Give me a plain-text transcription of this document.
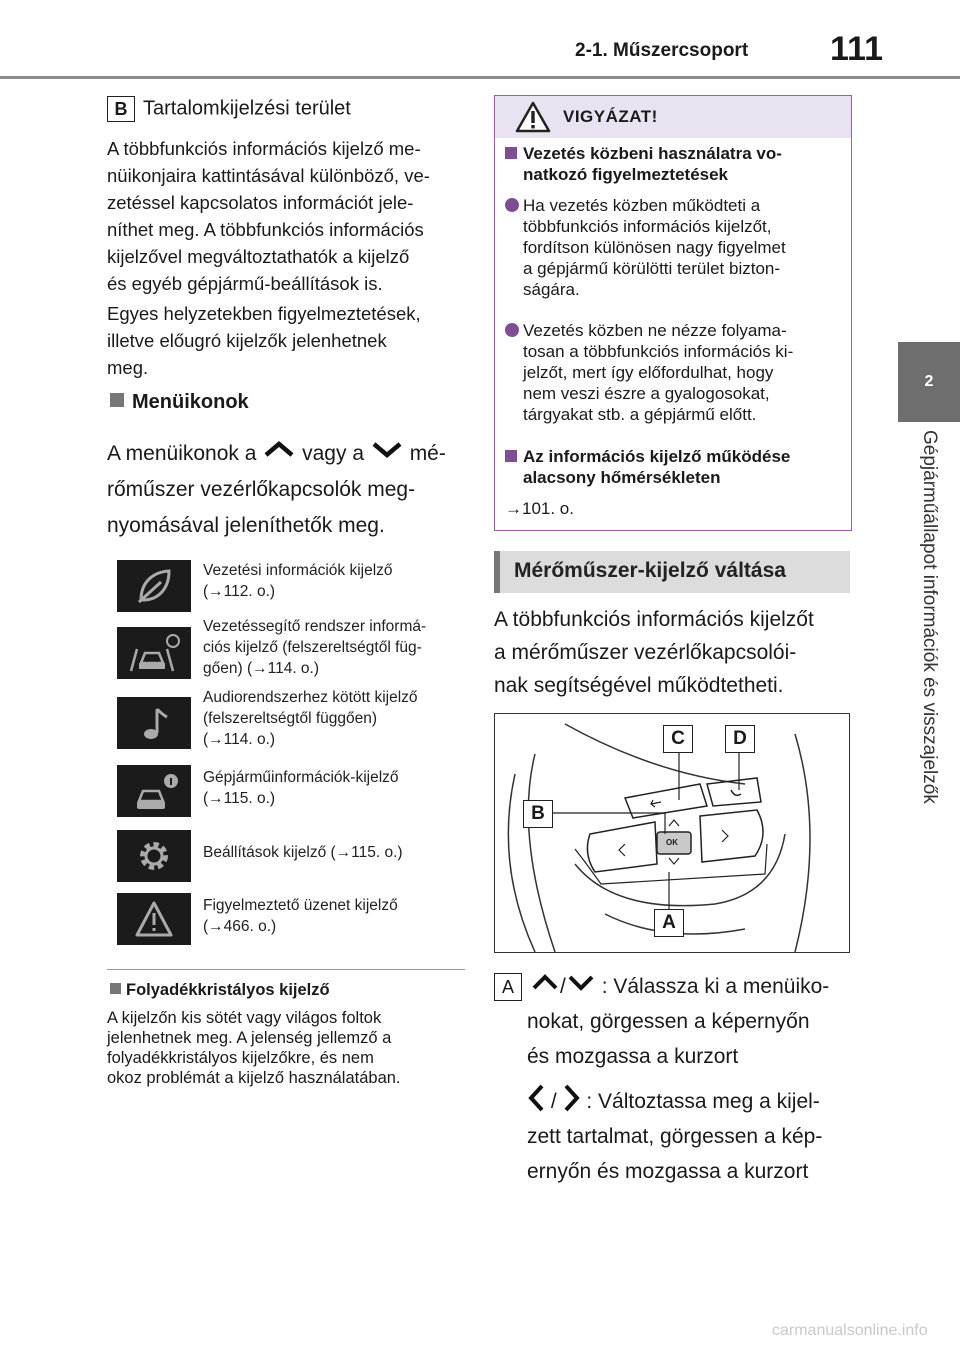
2-1. Műszercsoport 111
2
Gépjárműállapot információk és visszajelzők
B Tartalomkijelzési terület
A többfunkciós információs kijelző me-
nüikonjaira kattintásával különböző, ve-
zetéssel kapcsolatos információt jele-
níthet meg. A többfunkciós információs
kijelzővel megváltoztathatók a kijelző
és egyéb gépjármű-beállítások is.
Egyes helyzetekben figyelmeztetések,
illetve előugró kijelzők jelenhetnek
meg.
Menüikonok
A menüikonok a vagy a mé-
rőműszer vezérlőkapcsolók meg-
nyomásával jeleníthetők meg.
Vezetési információk kijelző
(→112. o.)
Vezetéssegítő rendszer informá-
ciós kijelző (felszereltségtől füg-
gően) (→114. o.)
Audiorendszerhez kötött kijelző
(felszereltségtől függően)
(→114. o.)
Gépjárműinformációk-kijelző
(→115. o.)
Beállítások kijelző (→115. o.)
Figyelmeztető üzenet kijelző
(→466. o.)
Folyadékkristályos kijelző
A kijelzőn kis sötét vagy világos foltok
jelenhetnek meg. A jelenség jellemző a
folyadékkristályos kijelzőkre, és nem
okoz problémát a kijelző használatában.
VIGYÁZAT!
Vezetés közbeni használatra vo-
natkozó figyelmeztetések
Ha vezetés közben működteti a
többfunkciós információs kijelzőt,
fordítson különösen nagy figyelmet
a gépjármű körülötti terület bizton-
ságára.
Vezetés közben ne nézze folyama-
tosan a többfunkciós információs ki-
jelzőt, mert így előfordulhat, hogy
nem veszi észre a gyalogosokat,
tárgyakat stb. a gépjármű előtt.
Az információs kijelző működése
alacsony hőmérsékleten
→101. o.
Mérőműszer-kijelző váltása
A többfunkciós információs kijelzőt
a mérőműszer vezérlőkapcsolói-
nak segítségével működtetheti.
OK
C	D
B
A
A / : Válassza ki a menüiko-
nokat, görgessen a képernyőn
és mozgassa a kurzort
/ : Változtassa meg a kijel-
zett tartalmat, görgessen a kép-
ernyőn és mozgassa a kurzort
carmanualsonline.info
